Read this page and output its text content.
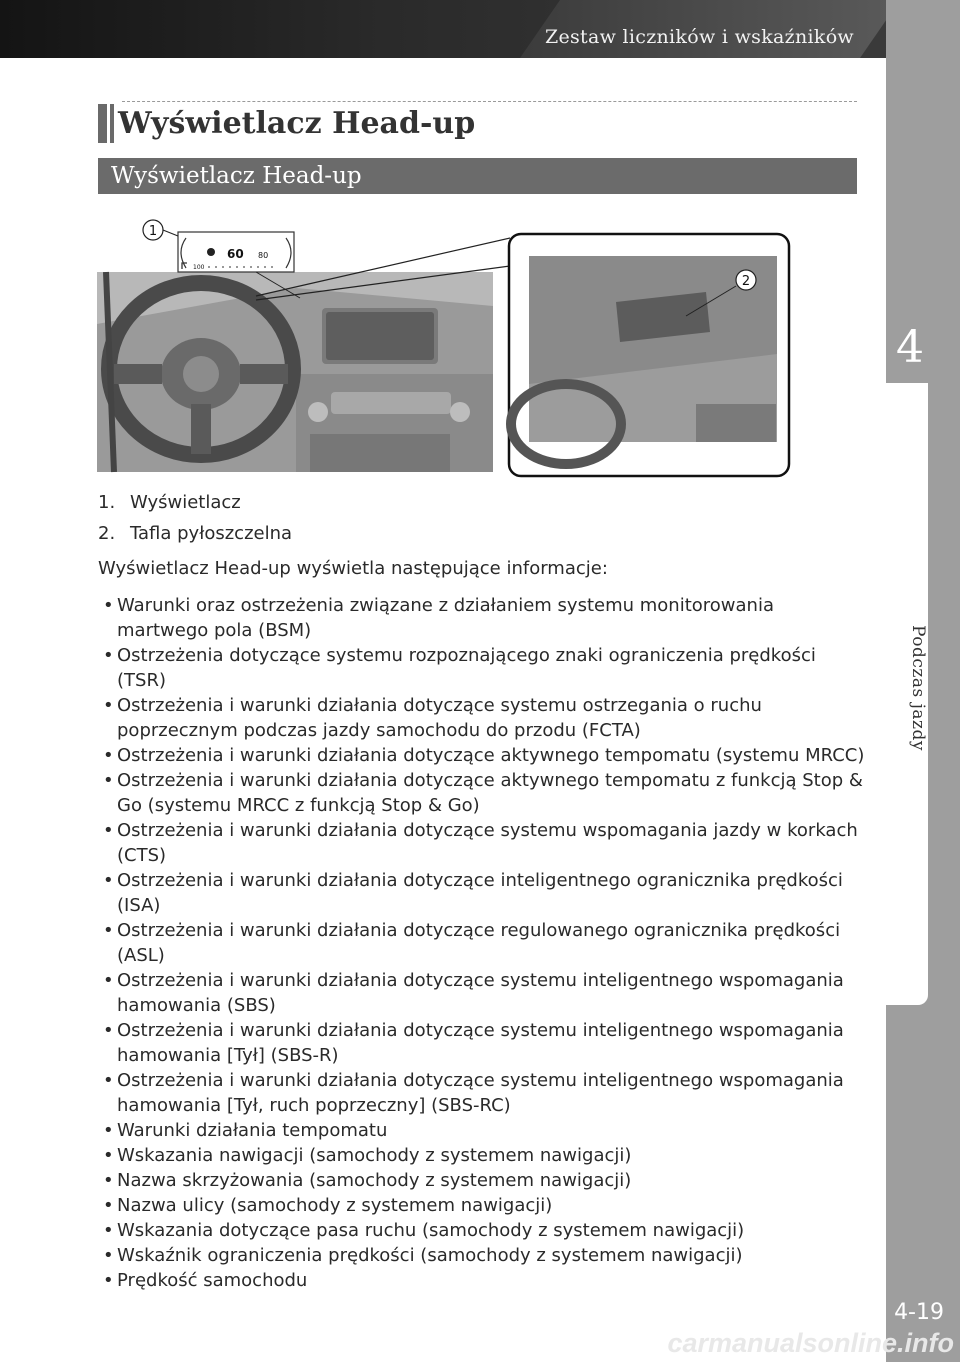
Zestaw liczników i wskaźników
4
Podczas jazdy
4-19
carmanualsonline.info
Wyświetlacz Head-up
Wyświetlacz Head-up
60 80
100
1
2
1. Wyświetlacz
2. Tafla pyłoszczelna

Wyświetlacz Head-up wyświetla następujące informacje:

• Warunki oraz ostrzeżenia związane z działaniem systemu monitorowania martwego pola (BSM)
• Ostrzeżenia dotyczące systemu rozpoznającego znaki ograniczenia prędkości (TSR)
• Ostrzeżenia i warunki działania dotyczące systemu ostrzegania o ruchu poprzecznym podczas jazdy samochodu do przodu (FCTA)
• Ostrzeżenia i warunki działania dotyczące aktywnego tempomatu (systemu MRCC)
• Ostrzeżenia i warunki działania dotyczące aktywnego tempomatu z funkcją Stop & Go (systemu MRCC z funkcją Stop & Go)
• Ostrzeżenia i warunki działania dotyczące systemu wspomagania jazdy w korkach (CTS)
• Ostrzeżenia i warunki działania dotyczące inteligentnego ogranicznika prędkości (ISA)
• Ostrzeżenia i warunki działania dotyczące regulowanego ogranicznika prędkości (ASL)
• Ostrzeżenia i warunki działania dotyczące systemu inteligentnego wspomagania hamowania (SBS)
• Ostrzeżenia i warunki działania dotyczące systemu inteligentnego wspomagania hamowania [Tył] (SBS-R)
• Ostrzeżenia i warunki działania dotyczące systemu inteligentnego wspomagania hamowania [Tył, ruch poprzeczny] (SBS-RC)
• Warunki działania tempomatu
• Wskazania nawigacji (samochody z systemem nawigacji)
• Nazwa skrzyżowania (samochody z systemem nawigacji)
• Nazwa ulicy (samochody z systemem nawigacji)
• Wskazania dotyczące pasa ruchu (samochody z systemem nawigacji)
• Wskaźnik ograniczenia prędkości (samochody z systemem nawigacji)
• Prędkość samochodu
